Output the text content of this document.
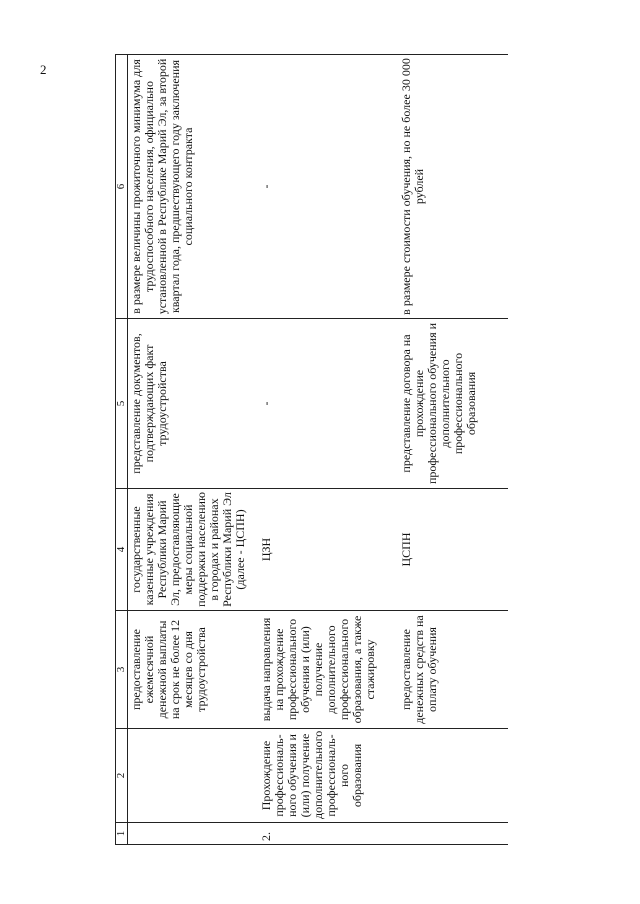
2
1	2	3	4	5	6
		предоставление ежемесячной денежной выплаты на срок не более 12 месяцев со дня трудоустройства	государственные казенные учреждения Республики Марий Эл, предоставляющие меры социальной поддержки населению в городах и районах Республики Марий Эл (далее - ЦСПН)	представление документов, подтверждающих факт трудоустройства	в размере величины прожиточного минимума для трудоспособного населения, официально установленной в Республике Марий Эл, за второй квартал года, предшествующего году заключения социального контракта
2.	Прохождение профессиональ-ного обучения и (или) получение дополнительного профессиональ-ного образования	выдача направления на прохождение профессионального обучения и (или) получение дополнительного профессионального образования, а также стажировку	ЦЗН	-	-
		предоставление денежных средств на оплату обучения	ЦСПН	представление договора на прохождение профессионального обучения и дополнительного профессионального образования	в размере стоимости обучения, но не более 30 000 рублей
